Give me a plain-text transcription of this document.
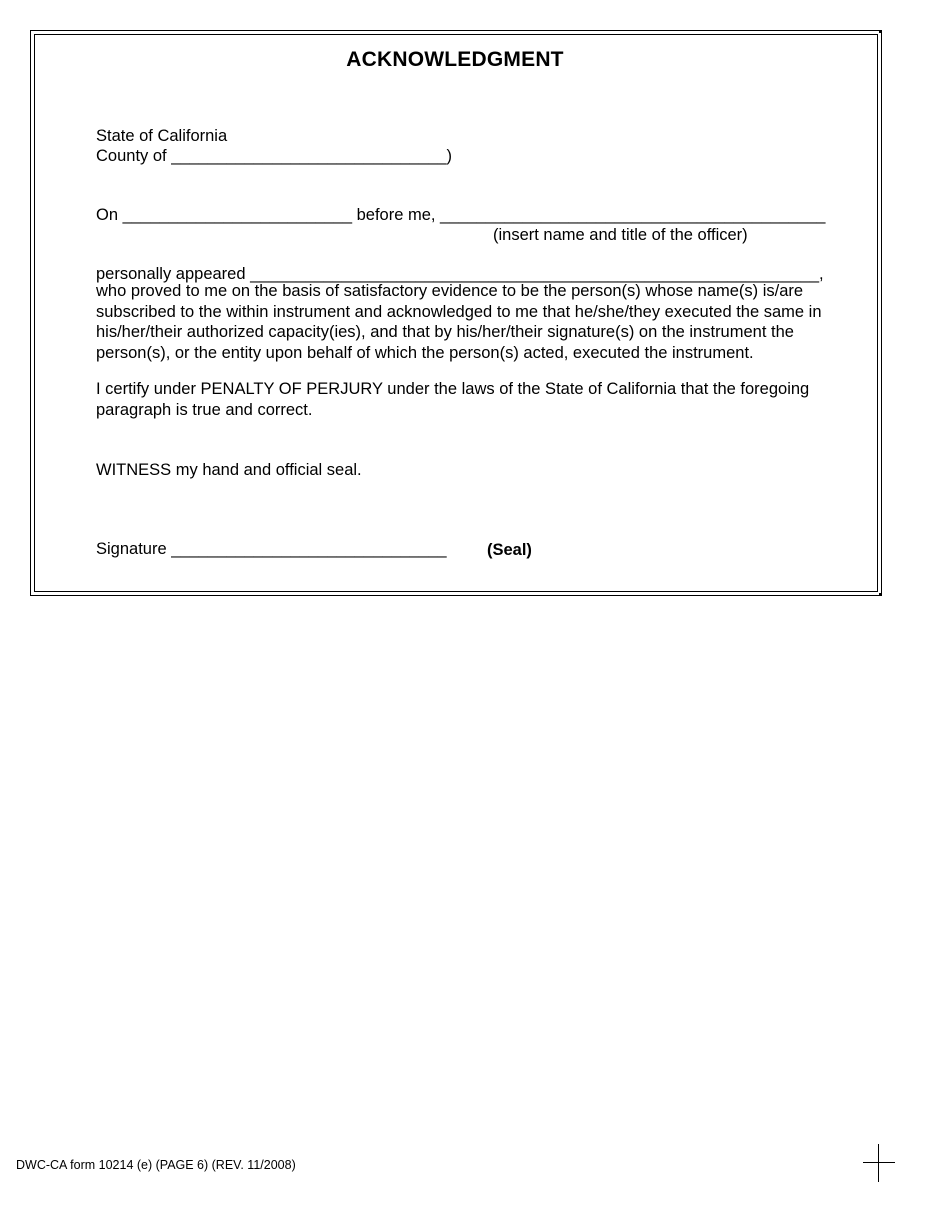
ACKNOWLEDGMENT
State of California
County of ______________________________)
On _________________________ before me, __________________________________________
(insert name and title of the officer)
personally appeared ______________________________________________________________,
who proved to me on the basis of satisfactory evidence to be the person(s) whose name(s) is/are subscribed to the within instrument and acknowledged to me that he/she/they executed the same in his/her/their authorized capacity(ies), and that by his/her/their signature(s) on the instrument the person(s), or the entity upon behalf of which the person(s) acted, executed the instrument.
I certify under PENALTY OF PERJURY under the laws of the State of California that the foregoing paragraph is true and correct.
WITNESS my hand and official seal.
Signature ______________________________ (Seal)
DWC-CA form 10214 (e) (PAGE 6) (REV. 11/2008)
